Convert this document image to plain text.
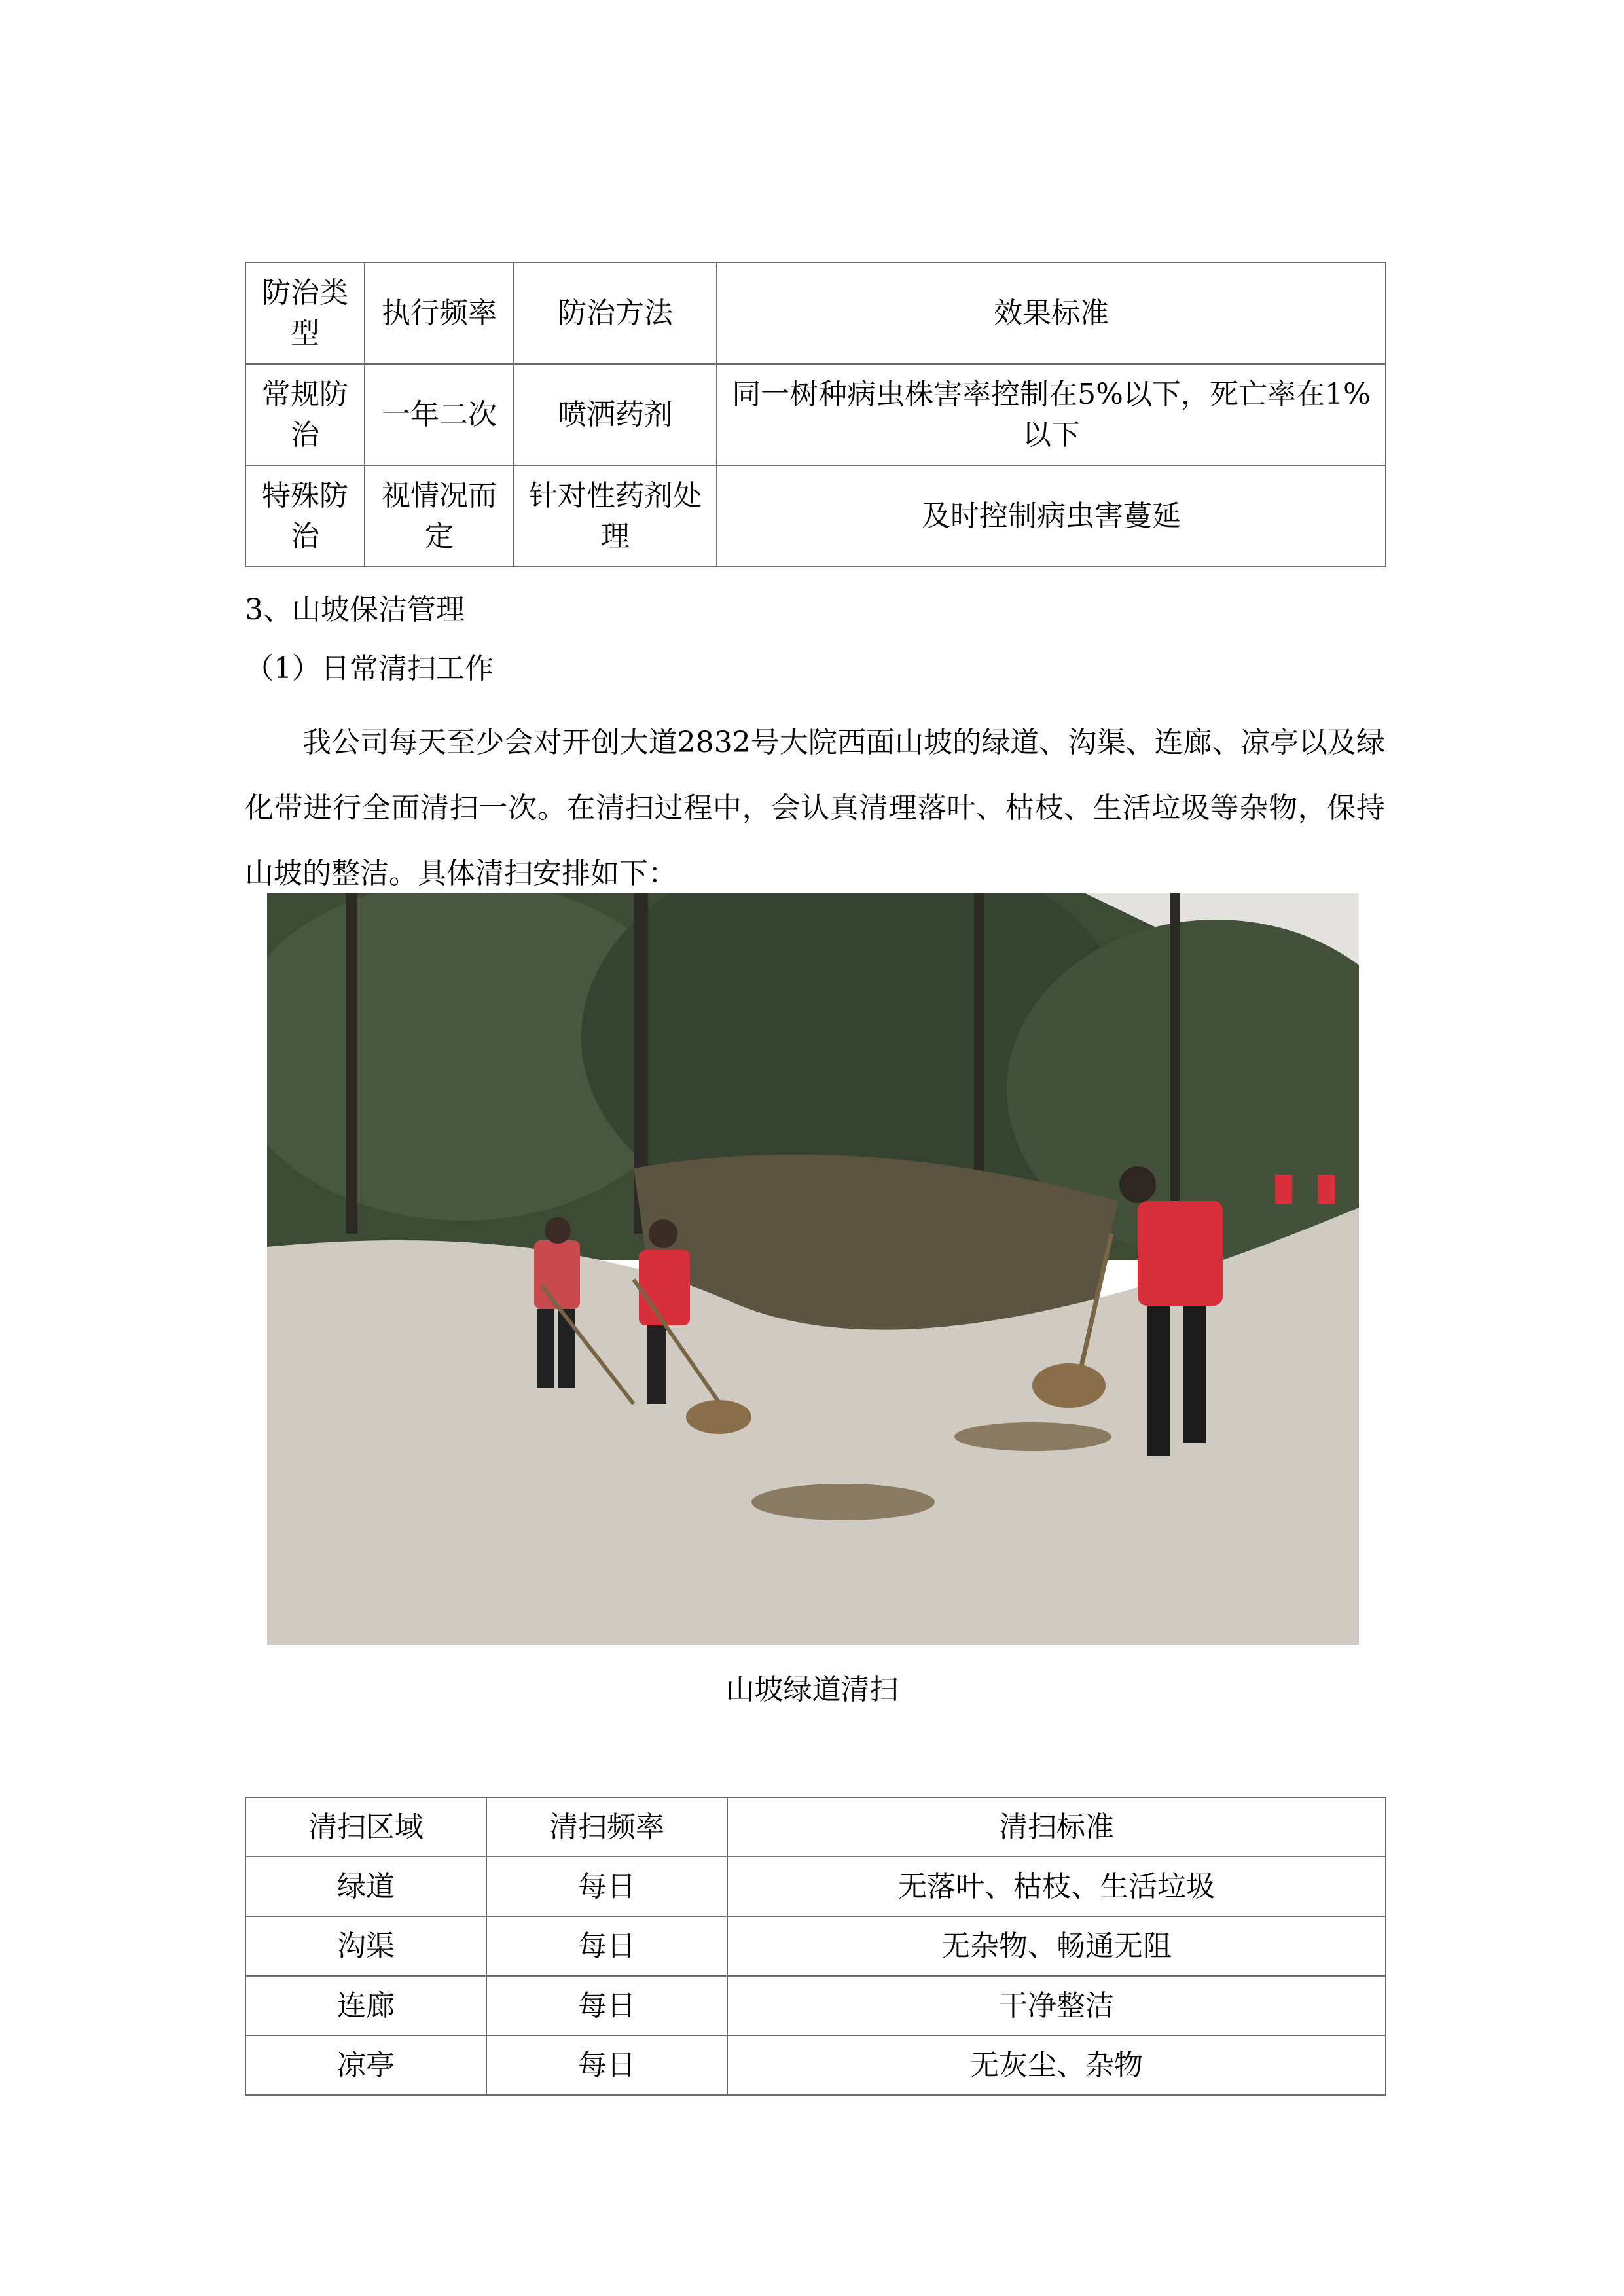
防治类型	执行频率	防治方法	效果标准
常规防治	一年二次	喷洒药剂	同一树种病虫株害率控制在5%以下，死亡率在1%以下
特殊防治	视情况而定	针对性药剂处理	及时控制病虫害蔓延

3、山坡保洁管理

（1）日常清扫工作

我公司每天至少会对开创大道2832号大院西面山坡的绿道、沟渠、连廊、凉亭以及绿化带进行全面清扫一次。在清扫过程中，会认真清理落叶、枯枝、生活垃圾等杂物，保持山坡的整洁。具体清扫安排如下：

山坡绿道清扫
清扫区域	清扫频率	清扫标准
绿道	每日	无落叶、枯枝、生活垃圾
沟渠	每日	无杂物、畅通无阻
连廊	每日	干净整洁
凉亭	每日	无灰尘、杂物
